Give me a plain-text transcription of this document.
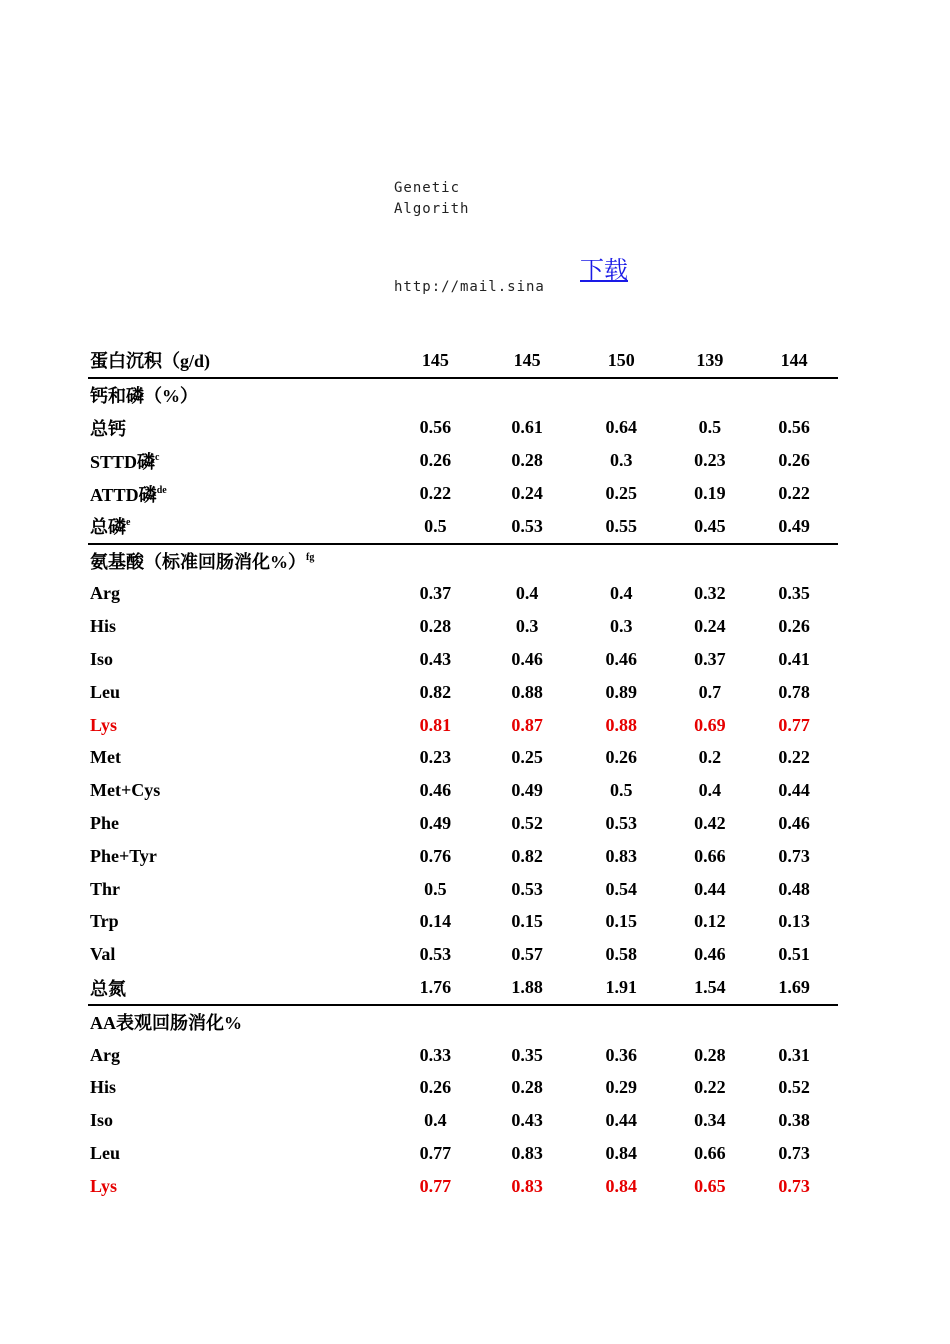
Genetic Algorith
下载
http://mail.sina
蛋白沉积（g/d)	145	145	150	139	144
钙和磷（%）					
总钙	0.56	0.61	0.64	0.5	0.56
STTD磷$^c$	0.26	0.28	0.3	0.23	0.26
ATTD磷$^{de}$	0.22	0.24	0.25	0.19	0.22
总磷$^e$	0.5	0.53	0.55	0.45	0.49
氨基酸（标准回肠消化%）$^{fg}$					
Arg	0.37	0.4	0.4	0.32	0.35
His	0.28	0.3	0.3	0.24	0.26
Iso	0.43	0.46	0.46	0.37	0.41
Leu	0.82	0.88	0.89	0.7	0.78
Lys	0.81	0.87	0.88	0.69	0.77
Met	0.23	0.25	0.26	0.2	0.22
Met+Cys	0.46	0.49	0.5	0.4	0.44
Phe	0.49	0.52	0.53	0.42	0.46
Phe+Tyr	0.76	0.82	0.83	0.66	0.73
Thr	0.5	0.53	0.54	0.44	0.48
Trp	0.14	0.15	0.15	0.12	0.13
Val	0.53	0.57	0.58	0.46	0.51
总氮	1.76	1.88	1.91	1.54	1.69
AA表观回肠消化%					
Arg	0.33	0.35	0.36	0.28	0.31
His	0.26	0.28	0.29	0.22	0.52
Iso	0.4	0.43	0.44	0.34	0.38
Leu	0.77	0.83	0.84	0.66	0.73
Lys	0.77	0.83	0.84	0.65	0.73
